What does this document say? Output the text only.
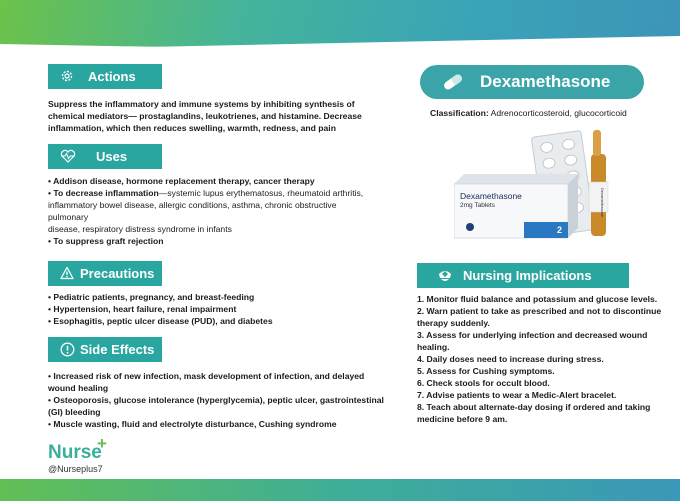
Actions

Suppress the inflammatory and immune systems by inhibiting synthesis of

chemical mediators— prostaglandins, leukotrienes, and histamine. Decrease

inflammation, which then reduces swelling, warmth, redness, and pain

Uses

• Addison disease, hormone replacement therapy, cancer therapy

• To decrease inflammation—systemic lupus erythematosus, rheumatoid arthritis,

inflammatory bowel disease, allergic conditions, asthma, chronic obstructive

pulmonary

disease, respiratory distress syndrome in infants

• To suppress graft rejection

Precautions

• Pediatric patients, pregnancy, and breast-feeding

• Hypertension, heart failure, renal impairment

• Esophagitis, peptic ulcer disease (PUD), and diabetes

Side Effects

• Increased risk of new infection, mask development of infection, and delayed

wound healing

• Osteoporosis, glucose intolerance (hyperglycemia), peptic ulcer, gastrointestinal

(GI) bleeding

• Muscle wasting, fluid and electrolyte disturbance, Cushing syndrome

Dexamethasone
Classification: Adrenocorticosteroid, glucocorticoid
Dexamethasone
2mg Tablets
2
Dexamethasone
Nursing Implications

1. Monitor fluid balance and potassium and glucose levels.

2. Warn patient to take as prescribed and not to discontinue

therapy suddenly.

3. Assess for underlying infection and decreased wound

healing.

4. Daily doses need to increase during stress.

5. Assess for Cushing symptoms.

6. Check stools for occult blood.

7. Advise patients to wear a Medic-Alert bracelet.

8. Teach about alternate-day dosing if ordered and taking

medicine before 9 am.

Nurse
+
@Nurseplus7
